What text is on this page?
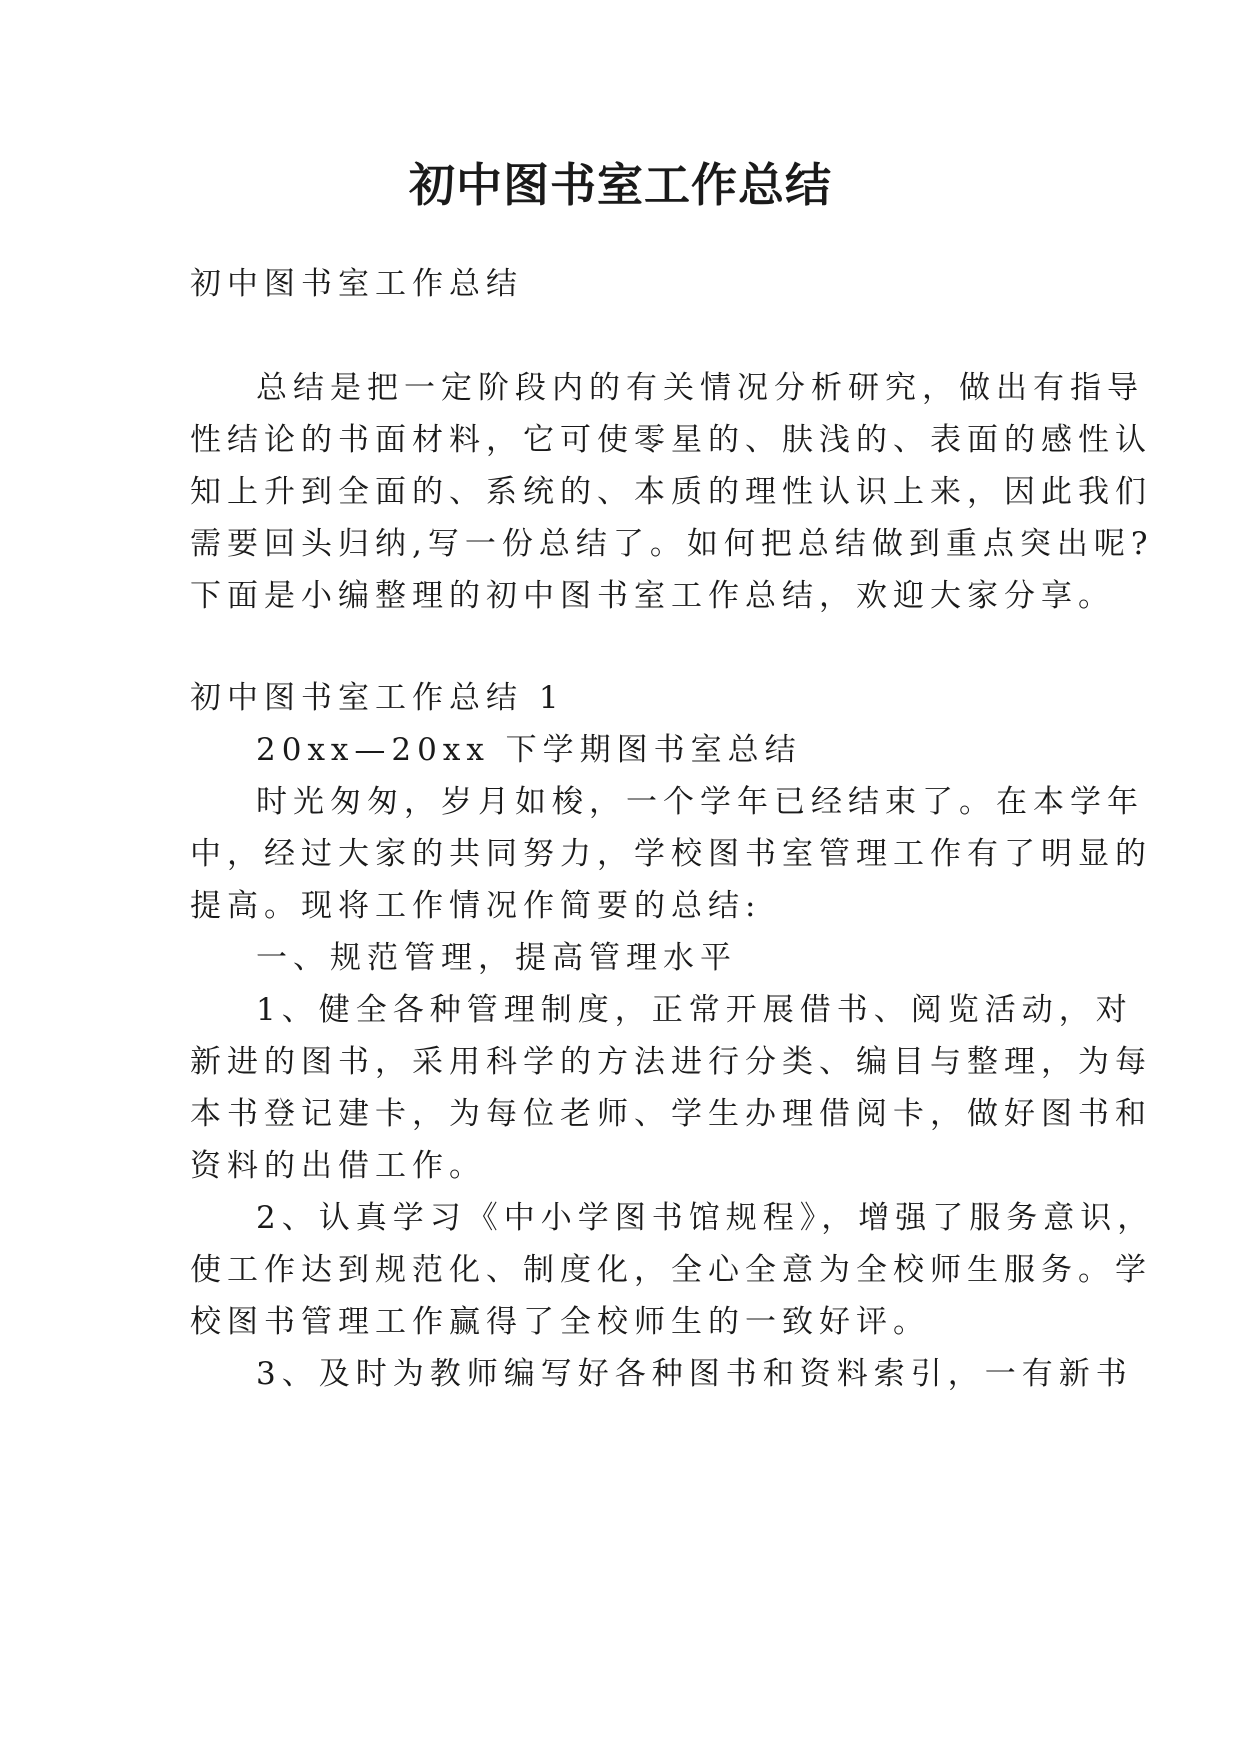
初中图书室工作总结

初中图书室工作总结

总结是把一定阶段内的有关情况分析研究，做出有指导

性结论的书面材料，它可使零星的、肤浅的、表面的感性认

知上升到全面的、系统的、本质的理性认识上来，因此我们

需要回头归纳,写一份总结了。如何把总结做到重点突出呢?

下面是小编整理的初中图书室工作总结，欢迎大家分享。

初中图书室工作总结 1

20xx—20xx 下学期图书室总结

时光匆匆，岁月如梭，一个学年已经结束了。在本学年

中，经过大家的共同努力，学校图书室管理工作有了明显的

提高。现将工作情况作简要的总结:

一、规范管理，提高管理水平

1、健全各种管理制度，正常开展借书、阅览活动，对

新进的图书，采用科学的方法进行分类、编目与整理，为每

本书登记建卡，为每位老师、学生办理借阅卡，做好图书和

资料的出借工作。

2、认真学习《中小学图书馆规程》，增强了服务意识，

使工作达到规范化、制度化，全心全意为全校师生服务。学

校图书管理工作赢得了全校师生的一致好评。

3、及时为教师编写好各种图书和资料索引，一有新书
